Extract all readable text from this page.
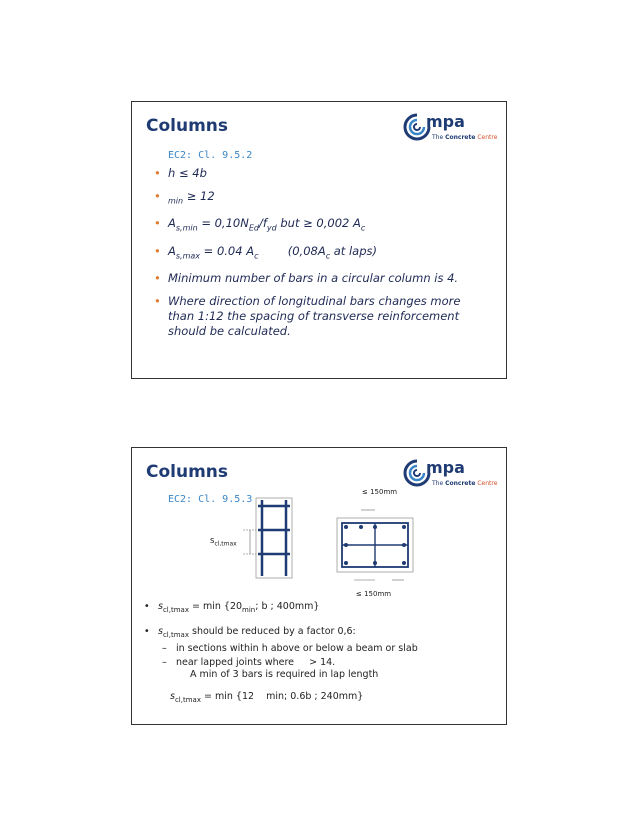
Columns
EC2: Cl. 9.5.2
mpa
The Concrete Centre
• h ≤ 4b
• $_{min}$ ≥ 12
• $A_{s,min} = 0,10N_{Ed}/f_{yd}$ but ≥ 0,002 $A_c$
• $A_{s,max} = 0.04$ $A_c$        ($0,08A_c$ at laps)
• Minimum number of bars in a circular column is 4.
• Where direction of longitudinal bars changes more than 1:12 the spacing of transverse reinforcement should be calculated.
Columns
EC2: Cl. 9.5.3
mpa
The Concrete Centre
$s_{cl,tmax}$
≤ 150mm
≤ 150mm
• $s_{cl,tmax} = \min \{20_{min}$; b ; 400mm}
• $s_{cl,tmax}$ should be reduced by a factor 0,6:
– in sections within h above or below a beam or slab
– near lapped joints where     > 14.
A min of 3 bars is required in lap length
$s_{cl,tmax} = \min \{12$    min; 0.6b ; 240mm}
